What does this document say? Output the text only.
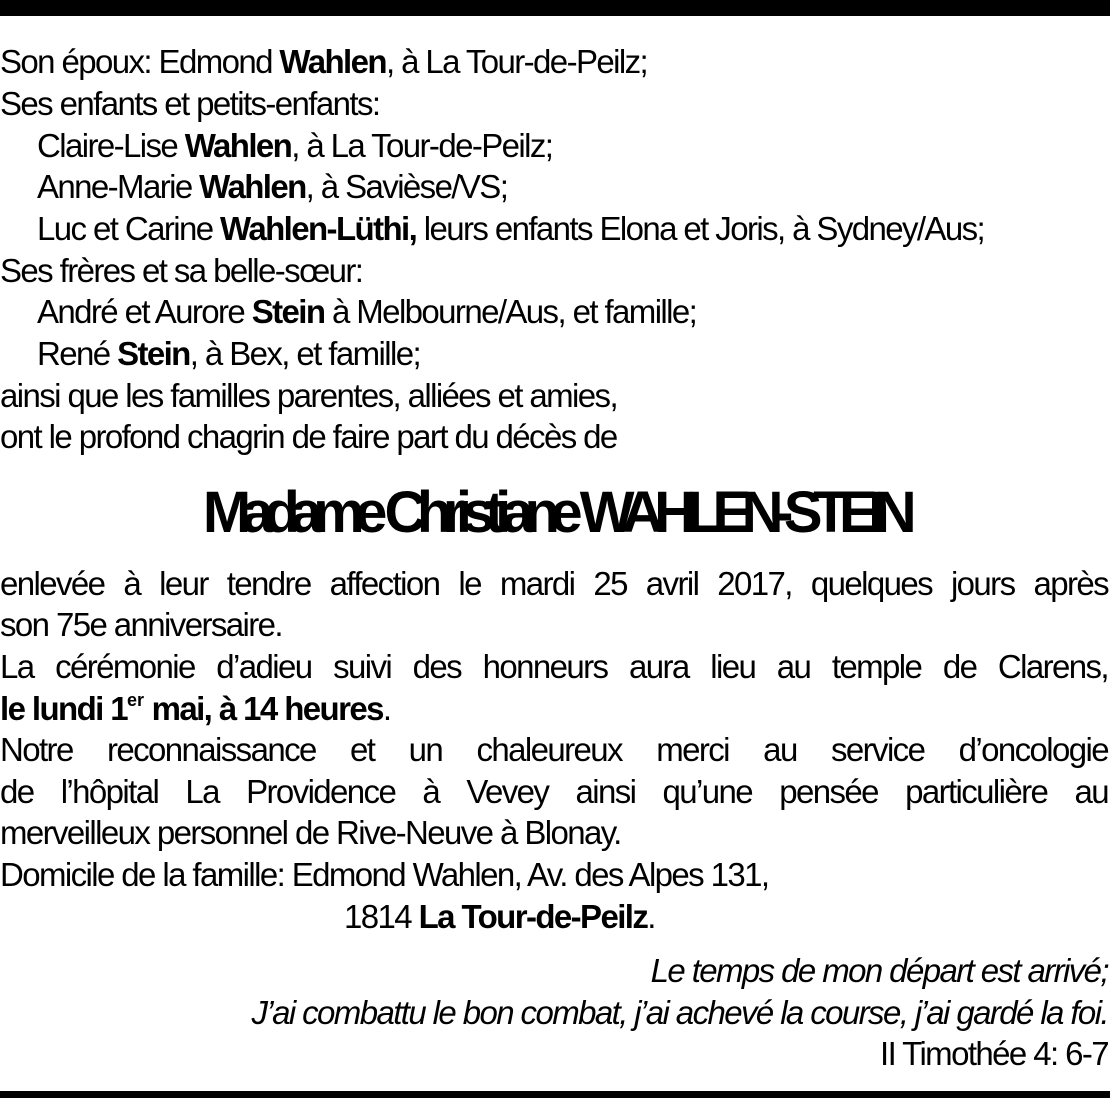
Son époux: Edmond Wahlen, à La Tour-de-Peilz;

Ses enfants et petits-enfants:

Claire-Lise Wahlen, à La Tour-de-Peilz;

Anne-Marie Wahlen, à Savièse/VS;

Luc et Carine Wahlen-Lüthi, leurs enfants Elona et Joris, à Sydney/Aus;

Ses frères et sa belle-sœur:

André et Aurore Stein à Melbourne/Aus, et famille;

René Stein, à Bex, et famille;

ainsi que les familles parentes, alliées et amies,

ont le profond chagrin de faire part du décès de

Madame Christiane WAHLEN-STEIN

enlevée à leur tendre affection le mardi 25 avril 2017, quelques jours après

son 75e anniversaire.

La cérémonie d’adieu suivi des honneurs aura lieu au temple de Clarens,

le lundi 1er mai, à 14 heures.

Notre reconnaissance et un chaleureux merci au service d’oncologie

de l’hôpital La Providence à Vevey ainsi qu’une pensée particulière au

merveilleux personnel de Rive-Neuve à Blonay.

Domicile de la famille: Edmond Wahlen, Av. des Alpes 131,

1814 La Tour-de-Peilz.

Le temps de mon départ est arrivé;

J’ai combattu le bon combat, j’ai achevé la course, j’ai gardé la foi.

II Timothée 4: 6-7
